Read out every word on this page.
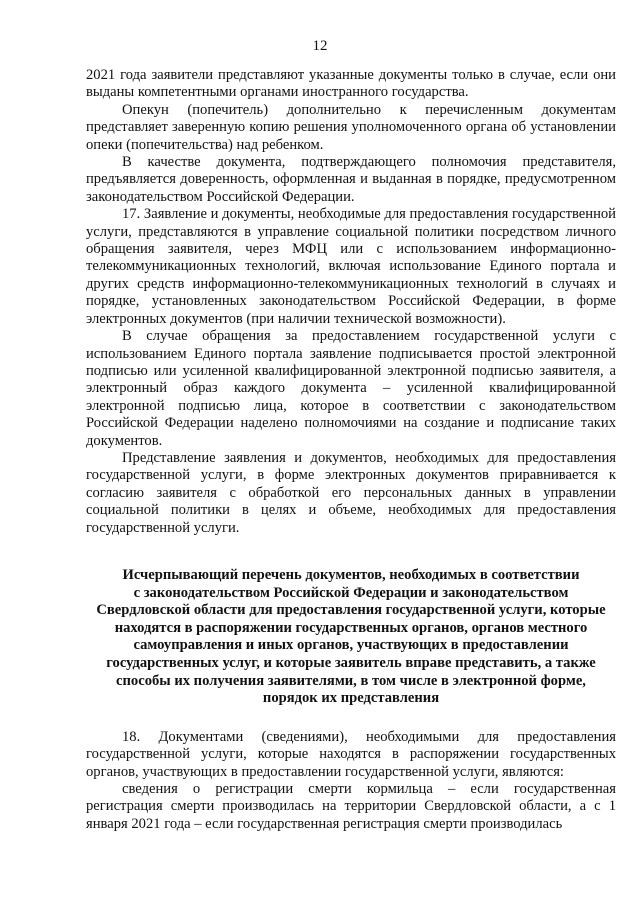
12

2021 года заявители представляют указанные документы только в случае, если они выданы компетентными органами иностранного государства.

Опекун (попечитель) дополнительно к перечисленным документам представляет заверенную копию решения уполномоченного органа об установлении опеки (попечительства) над ребенком.

В качестве документа, подтверждающего полномочия представителя, предъявляется доверенность, оформленная и выданная в порядке, предусмотренном законодательством Российской Федерации.

17. Заявление и документы, необходимые для предоставления государственной услуги, представляются в управление социальной политики посредством личного обращения заявителя, через МФЦ или с использованием информационно-телекоммуникационных технологий, включая использование Единого портала и других средств информационно-телекоммуникационных технологий в случаях и порядке, установленных законодательством Российской Федерации, в форме электронных документов (при наличии технической возможности).

В случае обращения за предоставлением государственной услуги с использованием Единого портала заявление подписывается простой электронной подписью или усиленной квалифицированной электронной подписью заявителя, а электронный образ каждого документа – усиленной квалифицированной электронной подписью лица, которое в соответствии с законодательством Российской Федерации наделено полномочиями на создание и подписание таких документов.

Представление заявления и документов, необходимых для предоставления государственной услуги, в форме электронных документов приравнивается к согласию заявителя с обработкой его персональных данных в управлении социальной политики в целях и объеме, необходимых для предоставления государственной услуги.

Исчерпывающий перечень документов, необходимых в соответствии
с законодательством Российской Федерации и законодательством
Свердловской области для предоставления государственной услуги, которые
находятся в распоряжении государственных органов, органов местного
самоуправления и иных органов, участвующих в предоставлении
государственных услуг, и которые заявитель вправе представить, а также
способы их получения заявителями, в том числе в электронной форме,
порядок их представления

18. Документами (сведениями), необходимыми для предоставления государственной услуги, которые находятся в распоряжении государственных органов, участвующих в предоставлении государственной услуги, являются:

сведения о регистрации смерти кормильца – если государственная регистрация смерти производилась на территории Свердловской области, а с 1 января 2021 года – если государственная регистрация смерти производилась
